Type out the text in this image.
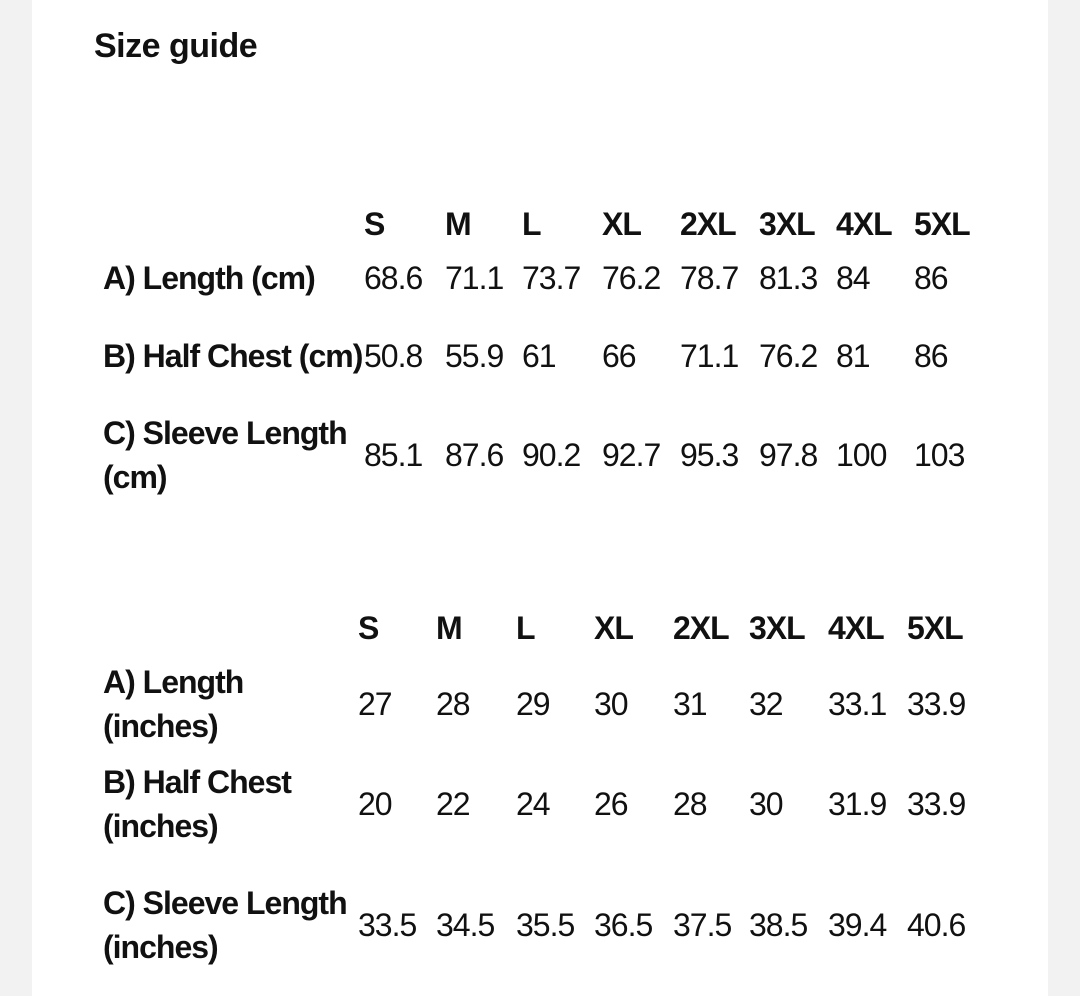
Size guide
	S	M	L	XL	2XL	3XL	4XL	5XL
A) Length (cm)	68.6	71.1	73.7	76.2	78.7	81.3	84	86
B) Half Chest (cm)	50.8	55.9	61	66	71.1	76.2	81	86
C) Sleeve Length (cm)	85.1	87.6	90.2	92.7	95.3	97.8	100	103
	S	M	L	XL	2XL	3XL	4XL	5XL
A) Length (inches)	27	28	29	30	31	32	33.1	33.9
B) Half Chest (inches)	20	22	24	26	28	30	31.9	33.9
C) Sleeve Length (inches)	33.5	34.5	35.5	36.5	37.5	38.5	39.4	40.6
